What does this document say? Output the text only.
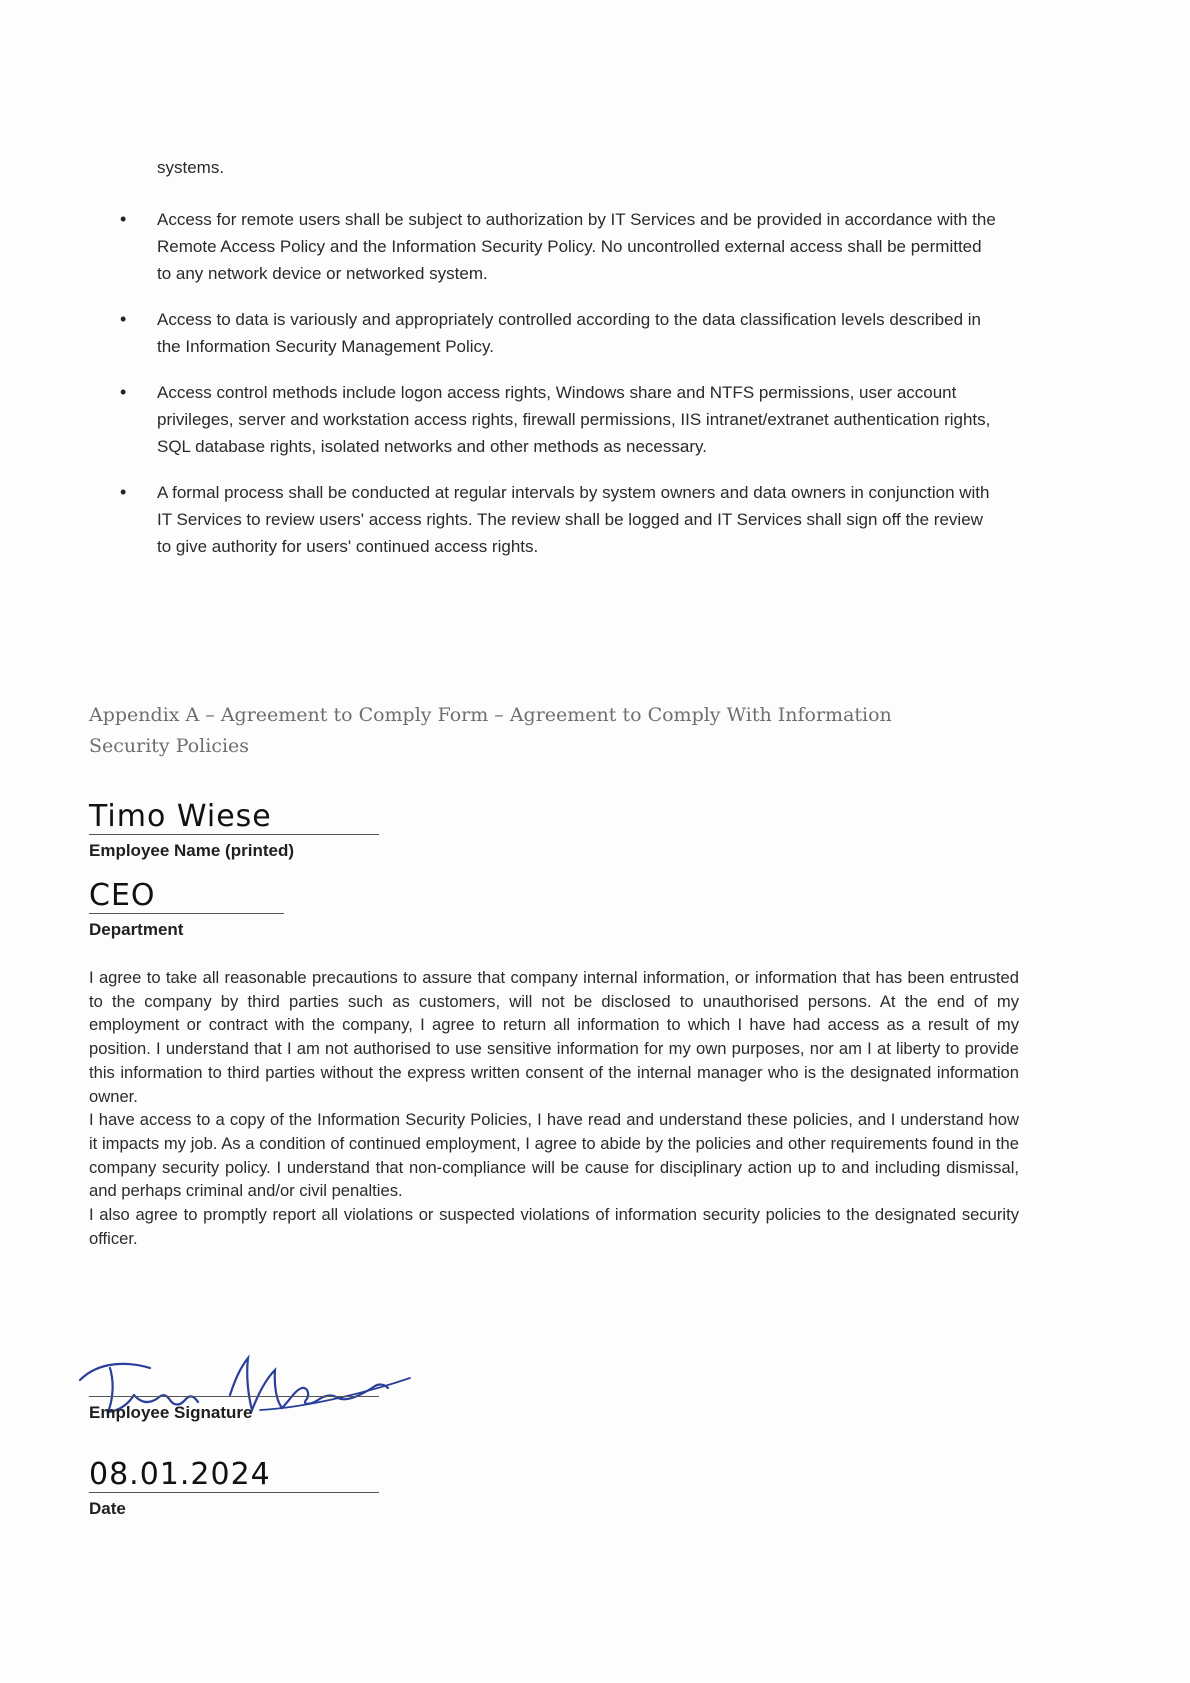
systems.
• Access for remote users shall be subject to authorization by IT Services and be provided in accordance with the Remote Access Policy and the Information Security Policy. No uncontrolled external access shall be permitted to any network device or networked system.
• Access to data is variously and appropriately controlled according to the data classification levels described in the Information Security Management Policy.
• Access control methods include logon access rights, Windows share and NTFS permissions, user account privileges, server and workstation access rights, firewall permissions, IIS intranet/extranet authentication rights, SQL database rights, isolated networks and other methods as necessary.
• A formal process shall be conducted at regular intervals by system owners and data owners in conjunction with IT Services to review users' access rights. The review shall be logged and IT Services shall sign off the review to give authority for users' continued access rights.
Appendix A – Agreement to Comply Form – Agreement to Comply With Information Security Policies
Timo Wiese
Employee Name (printed)
CEO
Department

I agree to take all reasonable precautions to assure that company internal information, or information that has been entrusted to the company by third parties such as customers, will not be disclosed to unauthorised persons. At the end of my employment or contract with the company, I agree to return all information to which I have had access as a result of my position. I understand that I am not authorised to use sensitive information for my own purposes, nor am I at liberty to provide this information to third parties without the express written consent of the internal manager who is the designated information owner.

I have access to a copy of the Information Security Policies, I have read and understand these policies, and I understand how it impacts my job. As a condition of continued employment, I agree to abide by the policies and other requirements found in the company security policy. I understand that non-compliance will be cause for disciplinary action up to and including dismissal, and perhaps criminal and/or civil penalties.

I also agree to promptly report all violations or suspected violations of information security policies to the designated security officer.

Employee Signature
08.01.2024
Date
